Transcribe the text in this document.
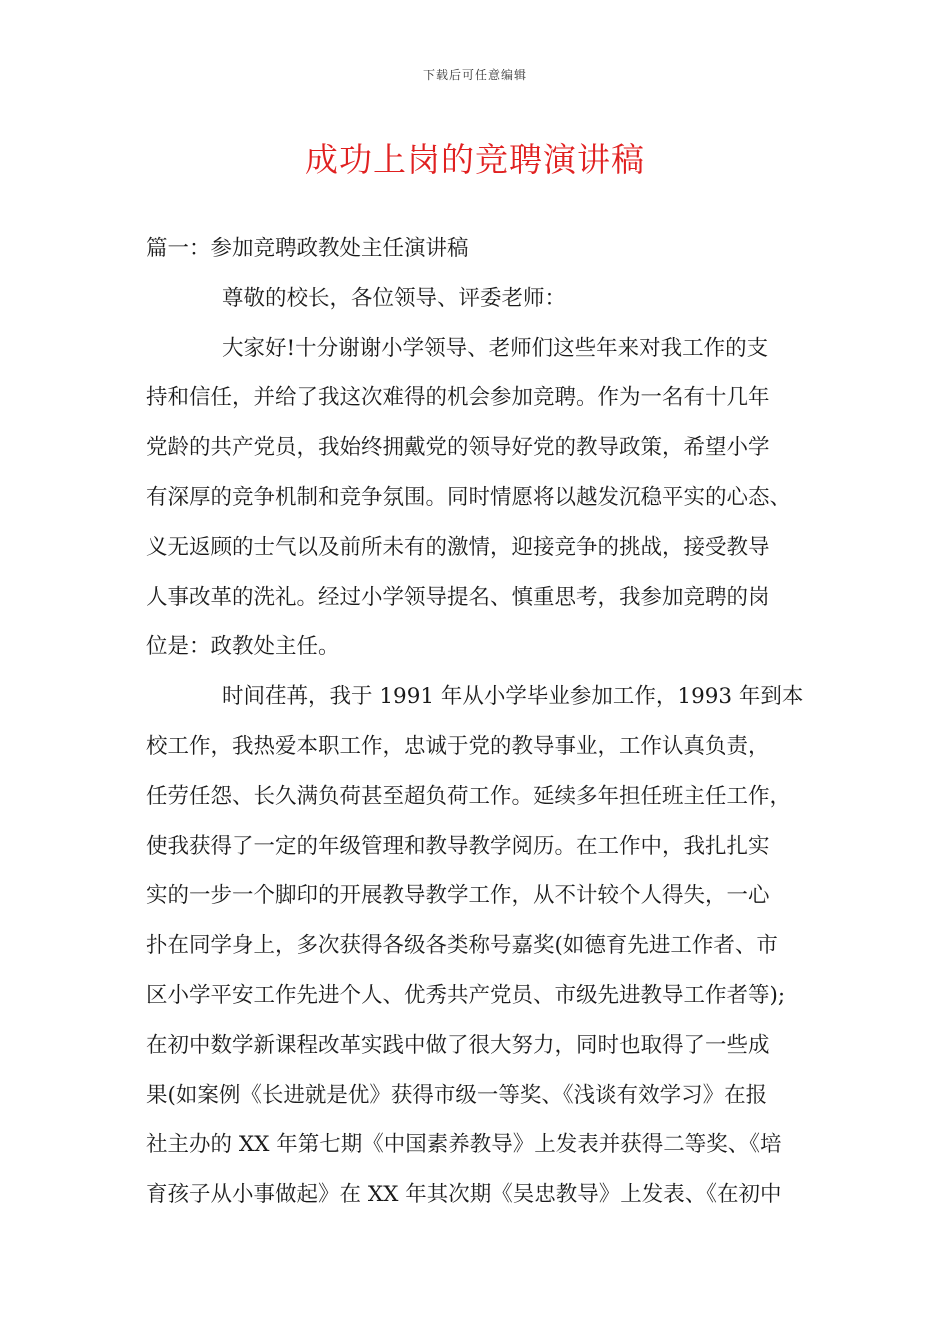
下载后可任意编辑
成功上岗的竞聘演讲稿
篇一：参加竞聘政教处主任演讲稿
尊敬的校长，各位领导、评委老师：
大家好!十分谢谢小学领导、老师们这些年来对我工作的支
持和信任，并给了我这次难得的机会参加竞聘。作为一名有十几年
党龄的共产党员，我始终拥戴党的领导好党的教导政策，希望小学
有深厚的竞争机制和竞争氛围。同时情愿将以越发沉稳平实的心态、
义无返顾的士气以及前所未有的激情，迎接竞争的挑战，接受教导
人事改革的洗礼。经过小学领导提名、慎重思考，我参加竞聘的岗
位是：政教处主任。
时间荏苒，我于 1991 年从小学毕业参加工作，1993 年到本
校工作，我热爱本职工作，忠诚于党的教导事业，工作认真负责，
任劳任怨、长久满负荷甚至超负荷工作。延续多年担任班主任工作，
使我获得了一定的年级管理和教导教学阅历。在工作中，我扎扎实
实的一步一个脚印的开展教导教学工作，从不计较个人得失，一心
扑在同学身上，多次获得各级各类称号嘉奖(如德育先进工作者、市
区小学平安工作先进个人、优秀共产党员、市级先进教导工作者等);
在初中数学新课程改革实践中做了很大努力，同时也取得了一些成
果(如案例《长进就是优》获得市级一等奖、《浅谈有效学习》在报
社主办的 XX 年第七期《中国素养教导》上发表并获得二等奖、《培
育孩子从小事做起》在 XX 年其次期《吴忠教导》上发表、《在初中
